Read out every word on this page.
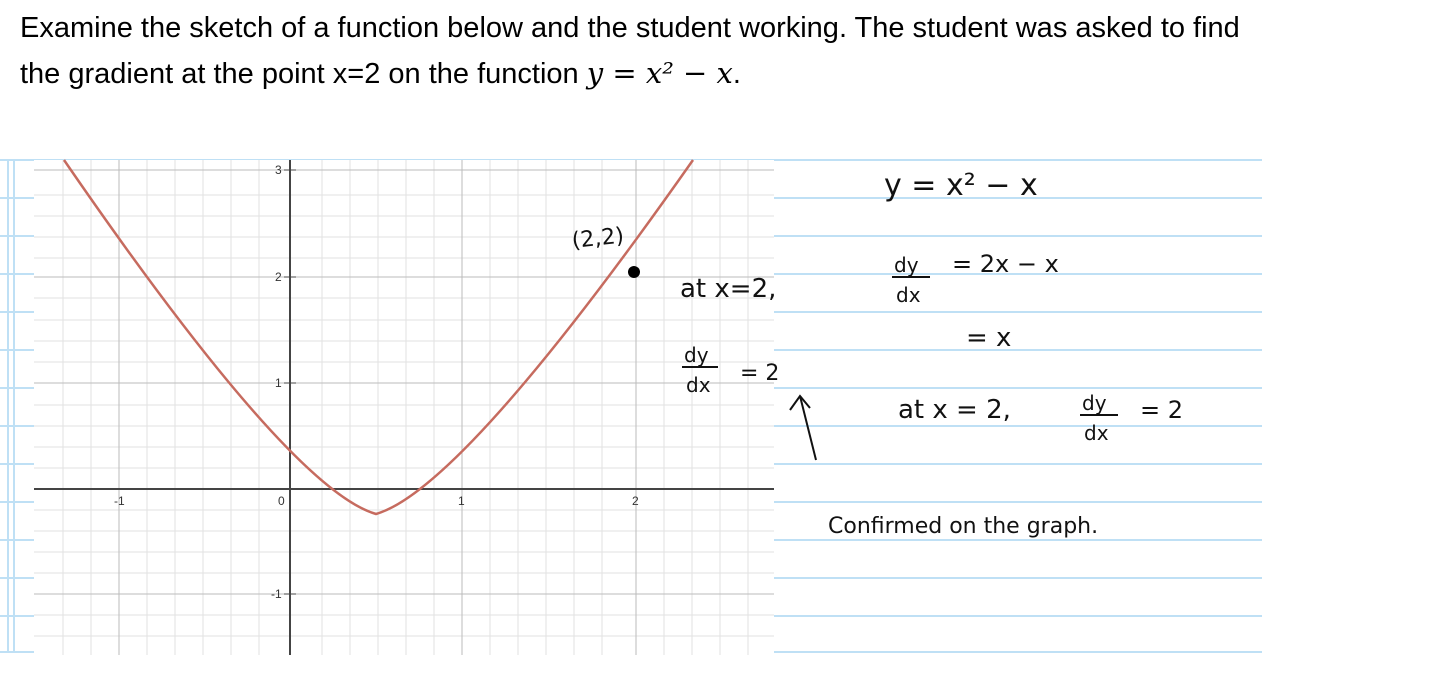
Examine the sketch of a function below and the student working. The student was asked to find
the gradient at the point x=2 on the function y = x² − x.
-1	0	1	2
3
2
1
-1
(2,2)
at x=2,
dy
dx = 2
y = x² − x
dy
dx
= 2x − x
= x
at x = 2,	dy
dx
= 2
Confirmed on the graph.
